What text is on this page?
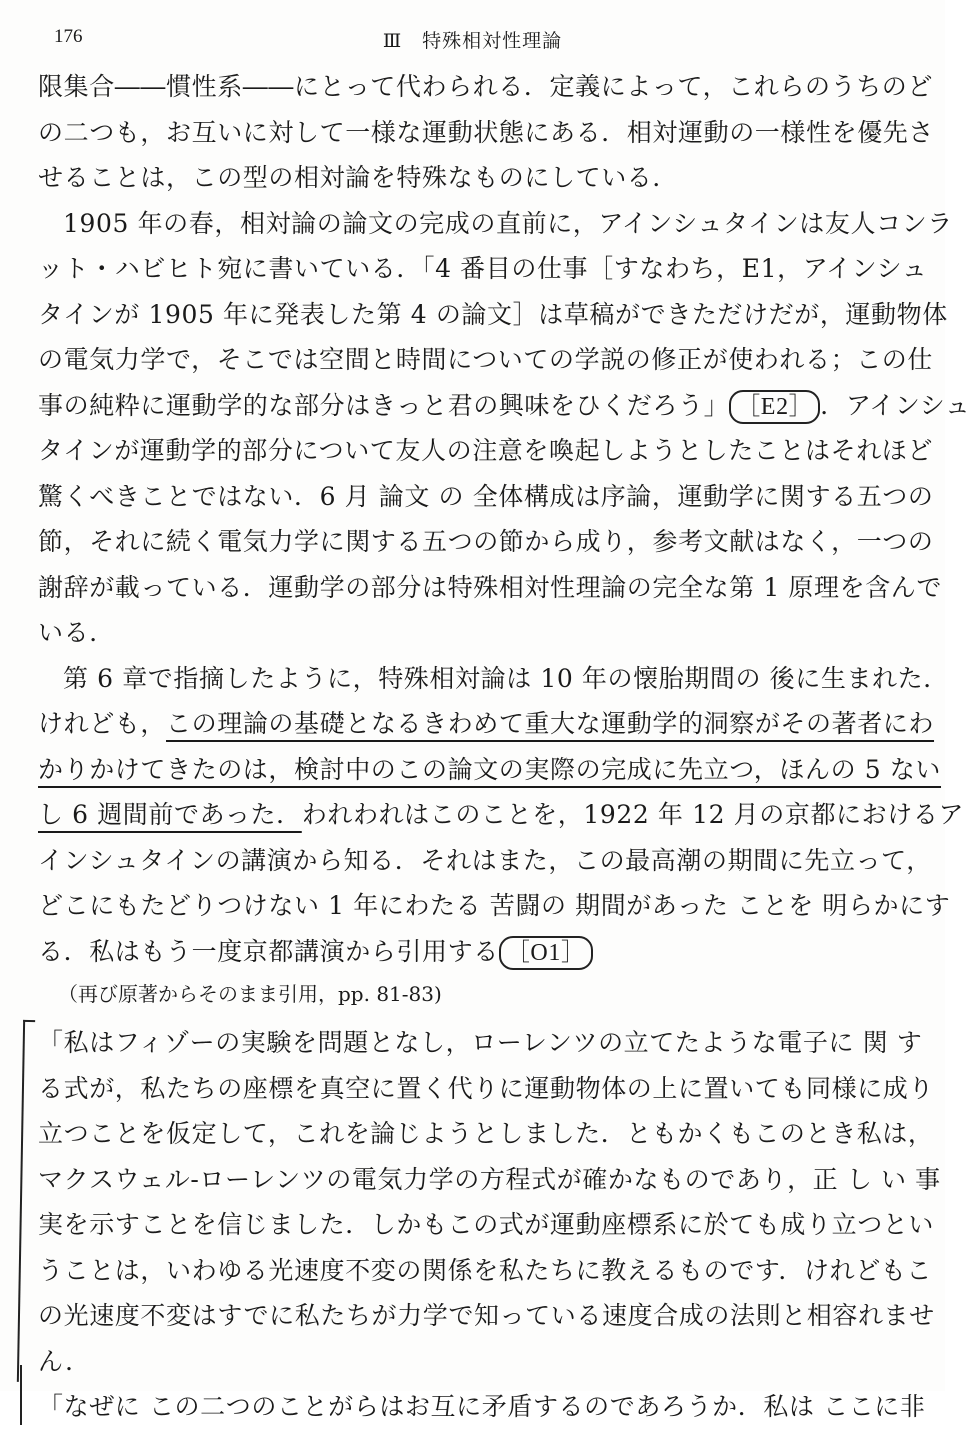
176	Ⅲ　特殊相対性理論
限集合――慣性系――にとって代わられる．定義によって，これらのうちのど
の二つも，お互いに対して一様な運動状態にある．相対運動の一様性を優先さ
せることは，この型の相対論を特殊なものにしている．
1905 年の春，相対論の論文の完成の直前に，アインシュタインは友人コンラ
ット・ハビヒト宛に書いている．「4 番目の仕事［すなわち，E1，アインシュ
タインが 1905 年に発表した第 4 の論文］は草稿ができただけだが，運動物体
の電気力学で，そこでは空間と時間についての学説の修正が使われる；この仕
事の純粋に運動学的な部分はきっと君の興味をひくだろう」 ［E2］ ．アインシュ
タインが運動学的部分について友人の注意を喚起しようとしたことはそれほど
驚くべきことではない．6 月 論文 の 全体構成は序論，運動学に関する五つの
節，それに続く電気力学に関する五つの節から成り，参考文献はなく，一つの
謝辞が載っている．運動学の部分は特殊相対性理論の完全な第 1 原理を含んで
いる．
第 6 章で指摘したように，特殊相対論は 10 年の懐胎期間の 後に生まれた．
けれども，この理論の基礎となるきわめて重大な運動学的洞察がその著者にわ
かりかけてきたのは，検討中のこの論文の実際の完成に先立つ，ほんの 5 ない
し 6 週間前であった．われわれはこのことを，1922 年 12 月の京都におけるア
インシュタインの講演から知る．それはまた，この最高潮の期間に先立って，
どこにもたどりつけない 1 年にわたる 苦闘の 期間があった ことを 明らかにす
る．私はもう一度京都講演から引用する ［O1］
（再び原著からそのまま引用，pp. 81-83)
「私はフィゾーの実験を問題となし，ローレンツの立てたような電子に 関 す
る式が，私たちの座標を真空に置く代りに運動物体の上に置いても同様に成り
立つことを仮定して，これを論じようとしました．ともかくもこのとき私は，
マクスウェル-ローレンツの電気力学の方程式が確かなものであり，正 し い 事
実を示すことを信じました．しかもこの式が運動座標系に於ても成り立つとい
うことは，いわゆる光速度不変の関係を私たちに教えるものです．けれどもこ
の光速度不変はすでに私たちが力学で知っている速度合成の法則と相容れませ
ん．
「なぜに この二つのことがらはお互に矛盾するのであろうか．私は ここに非
